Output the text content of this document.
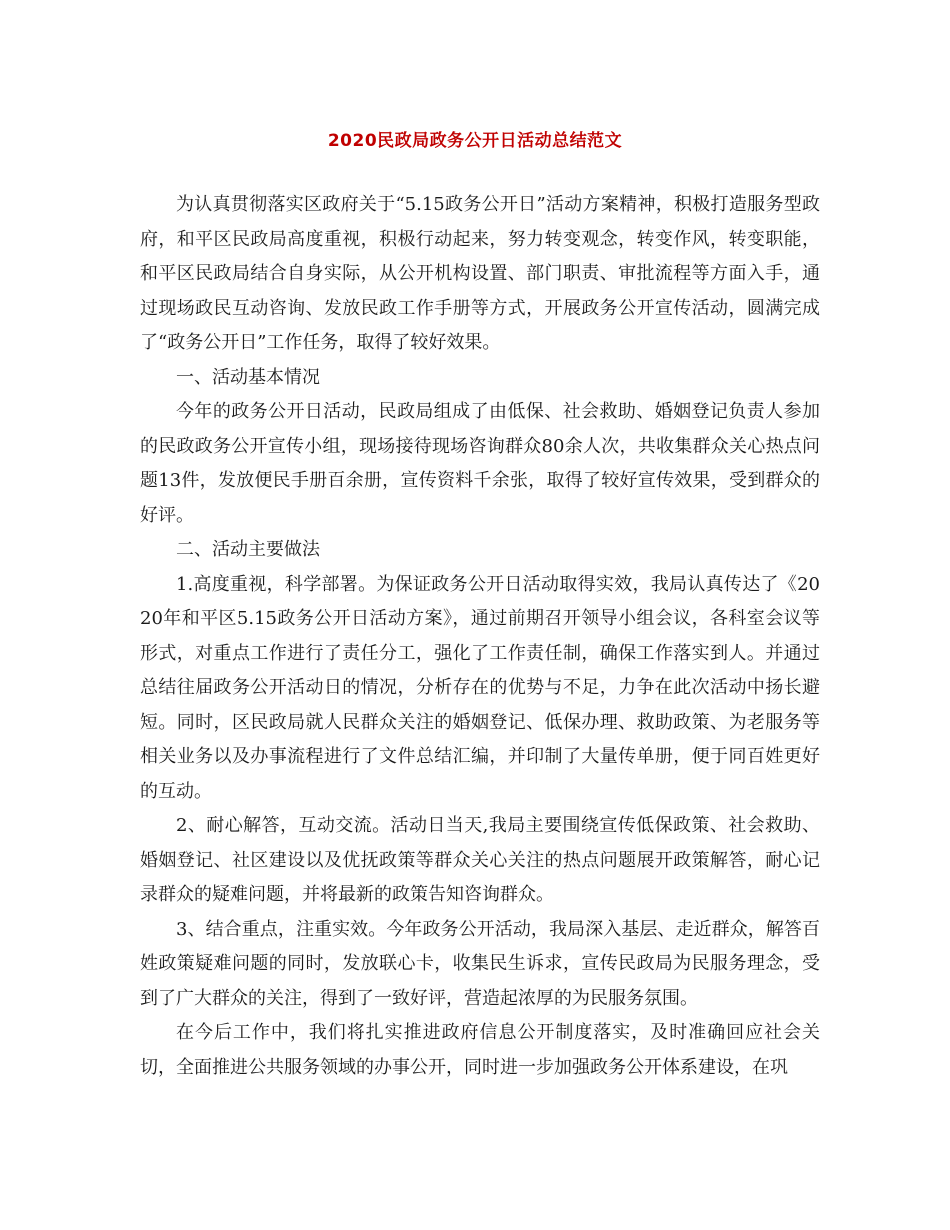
2020民政局政务公开日活动总结范文

为认真贯彻落实区政府关于“5.15政务公开日”活动方案精神，积极打造服务型政府，和平区民政局高度重视，积极行动起来，努力转变观念，转变作风，转变职能，和平区民政局结合自身实际，从公开机构设置、部门职责、审批流程等方面入手，通过现场政民互动咨询、发放民政工作手册等方式，开展政务公开宣传活动，圆满完成了“政务公开日”工作任务，取得了较好效果。

一、活动基本情况

今年的政务公开日活动，民政局组成了由低保、社会救助、婚姻登记负责人参加的民政政务公开宣传小组，现场接待现场咨询群众80余人次，共收集群众关心热点问题13件，发放便民手册百余册，宣传资料千余张，取得了较好宣传效果，受到群众的好评。

二、活动主要做法

1.高度重视，科学部署。为保证政务公开日活动取得实效，我局认真传达了《2020年和平区5.15政务公开日活动方案》，通过前期召开领导小组会议，各科室会议等形式，对重点工作进行了责任分工，强化了工作责任制，确保工作落实到人。并通过总结往届政务公开活动日的情况，分析存在的优势与不足，力争在此次活动中扬长避短。同时，区民政局就人民群众关注的婚姻登记、低保办理、救助政策、为老服务等相关业务以及办事流程进行了文件总结汇编，并印制了大量传单册，便于同百姓更好的互动。

2、耐心解答，互动交流。活动日当天,我局主要围绕宣传低保政策、社会救助、婚姻登记、社区建设以及优抚政策等群众关心关注的热点问题展开政策解答，耐心记录群众的疑难问题，并将最新的政策告知咨询群众。

3、结合重点，注重实效。今年政务公开活动，我局深入基层、走近群众，解答百姓政策疑难问题的同时，发放联心卡，收集民生诉求，宣传民政局为民服务理念，受到了广大群众的关注，得到了一致好评，营造起浓厚的为民服务氛围。

在今后工作中，我们将扎实推进政府信息公开制度落实，及时准确回应社会关切，全面推进公共服务领域的办事公开，同时进一步加强政务公开体系建设，在巩
